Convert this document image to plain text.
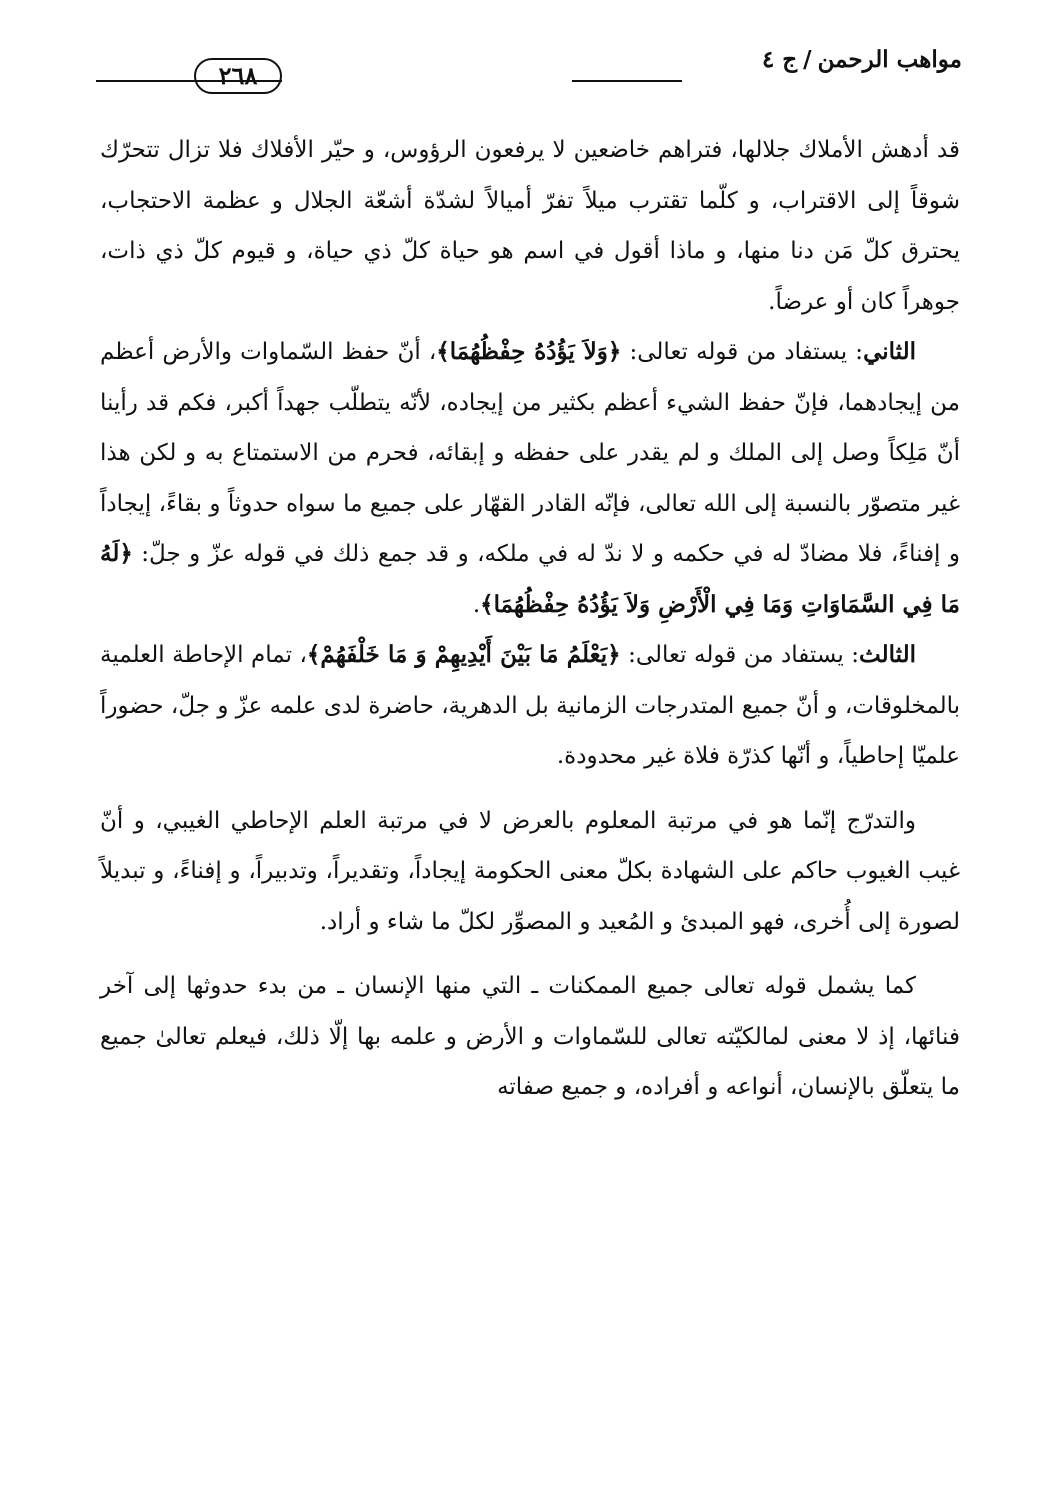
مواهب الرحمن/ج ٤
٢٦٨

قد أدهش الأملاك جلالها، فتراهم خاضعين لا يرفعون الرؤوس، و حيّر الأفلاك فلا تزال تتحرّك شوقاً إلى الاقتراب، و كلّما تقترب ميلاً تفرّ أميالاً لشدّة أشعّة الجلال و عظمة الاحتجاب، يحترق كلّ مَن دنا منها، و ماذا أقول في اسم هو حياة كلّ ذي حياة، و قيوم كلّ ذي ذات، جوهراً كان أو عرضاً.

الثاني: يستفاد من قوله تعالى: ﴿وَلاَ يَؤُدُهُ حِفْظُهُمَا﴾، أنّ حفظ السّماوات والأرض أعظم من إيجادهما، فإنّ حفظ الشيء أعظم بكثير من إيجاده، لأنّه يتطلّب جهداً أكبر، فكم قد رأينا أنّ مَلِكاً وصل إلى الملك و لم يقدر على حفظه و إبقائه، فحرم من الاستمتاع به و لكن هذا غير متصوّر بالنسبة إلى الله تعالى، فإنّه القادر القهّار على جميع ما سواه حدوثاً و بقاءً، إيجاداً و إفناءً، فلا مضادّ له في حكمه و لا ندّ له في ملكه، و قد جمع ذلك في قوله عزّ و جلّ: ﴿لَهُ مَا فِي السَّمَاوَاتِ وَمَا فِي الْأَرْضِ وَلاَ يَؤُدُهُ حِفْظُهُمَا﴾.

الثالث: يستفاد من قوله تعالى: ﴿يَعْلَمُ مَا بَيْنَ أَيْدِيهِمْ وَ مَا خَلْفَهُمْ﴾، تمام الإحاطة العلمية بالمخلوقات، و أنّ جميع المتدرجات الزمانية بل الدهرية، حاضرة لدى علمه عزّ و جلّ، حضوراً علميّا إحاطياً، و أنّها كذرّة فلاة غير محدودة.

والتدرّج إنّما هو في مرتبة المعلوم بالعرض لا في مرتبة العلم الإحاطي الغيبي، و أنّ غيب الغيوب حاكم على الشهادة بكلّ معنى الحكومة إيجاداً، وتقديراً، وتدبيراً، و إفناءً، و تبديلاً لصورة إلى أُخرى، فهو المبدئ و المُعيد و المصوِّر لكلّ ما شاء و أراد.

كما يشمل قوله تعالى جميع الممكنات ـ التي منها الإنسان ـ من بدء حدوثها إلى آخر فنائها، إذ لا معنى لمالكيّته تعالى للسّماوات و الأرض و علمه بها إلّا ذلك، فيعلم تعالىٰ جميع ما يتعلّق بالإنسان، أنواعه و أفراده، و جميع صفاته
